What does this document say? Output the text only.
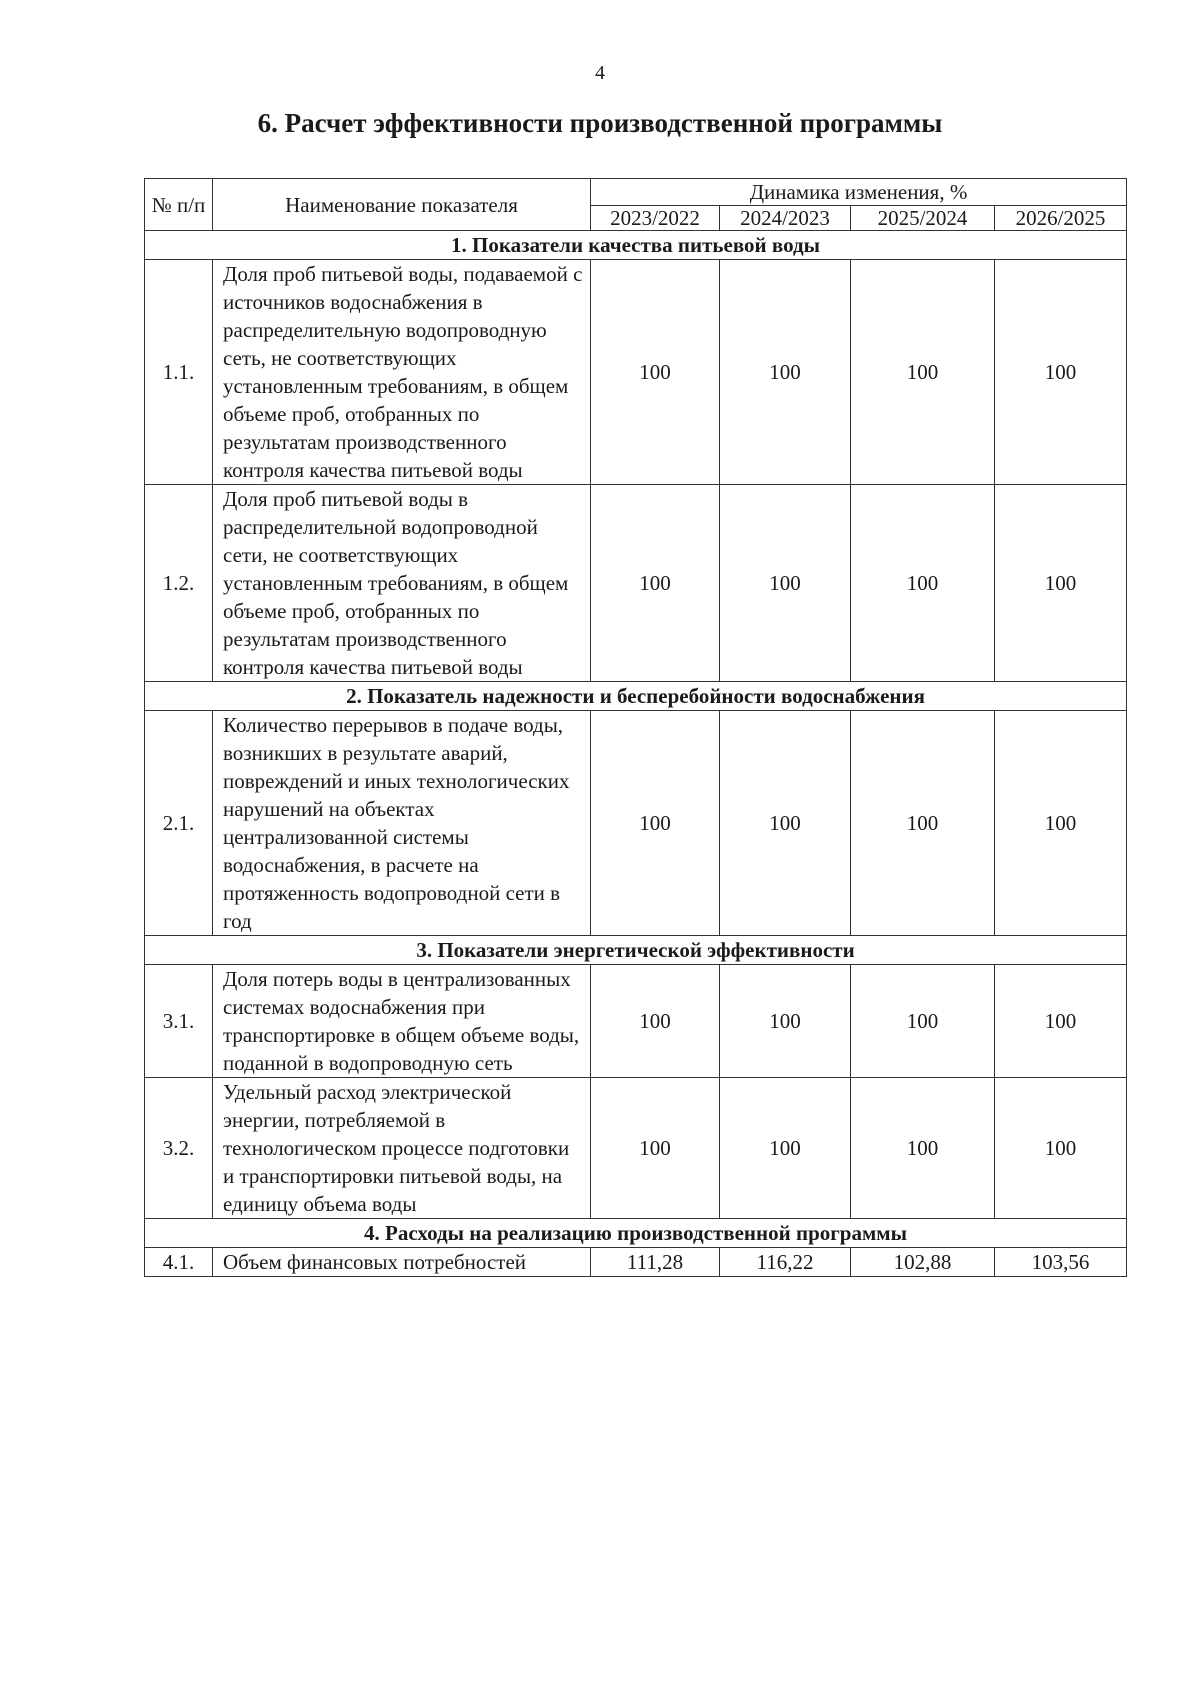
4
6. Расчет эффективности производственной программы
№ п/п	Наименование показателя	Динамика изменения, %			
		2023/2022	2024/2023	2025/2024	2026/2025
1. Показатели качества питьевой воды					
1.1.	Доля проб питьевой воды, подаваемой с источников водоснабжения в распределительную водопроводную сеть, не соответствующих установленным требованиям, в общем объеме проб, отобранных по результатам производственного контроля качества питьевой воды	100	100	100	100
1.2.	Доля проб питьевой воды в распределительной водопроводной сети, не соответствующих установленным требованиям, в общем объеме проб, отобранных по результатам производственного контроля качества питьевой воды	100	100	100	100
2. Показатель надежности и бесперебойности водоснабжения					
2.1.	Количество перерывов в подаче воды, возникших в результате аварий, повреждений и иных технологических нарушений на объектах централизованной системы водоснабжения, в расчете на протяженность водопроводной сети в год	100	100	100	100
3. Показатели энергетической эффективности					
3.1.	Доля потерь воды в централизованных системах водоснабжения при транспортировке в общем объеме воды, поданной в водопроводную сеть	100	100	100	100
3.2.	Удельный расход электрической энергии, потребляемой в технологическом процессе подготовки и транспортировки питьевой воды, на единицу объема воды	100	100	100	100
4. Расходы на реализацию производственной программы					
4.1.	Объем финансовых потребностей	111,28	116,22	102,88	103,56
